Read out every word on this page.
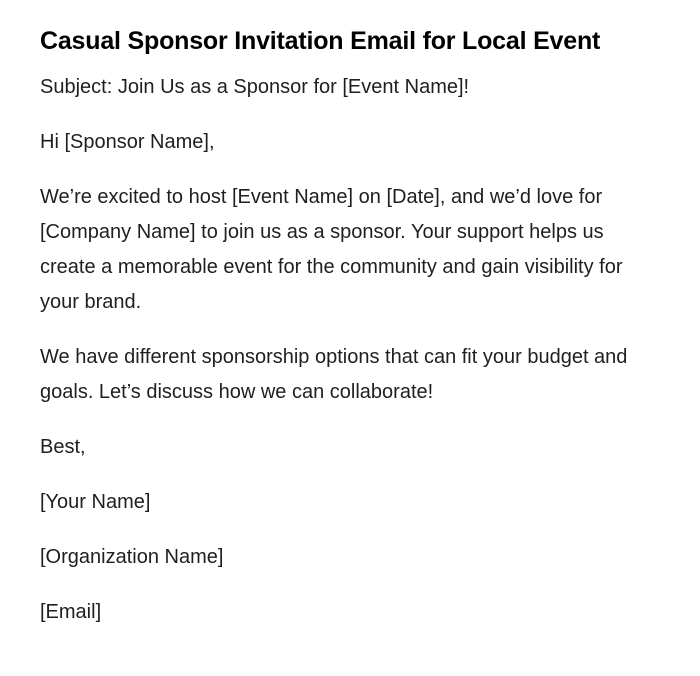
Casual Sponsor Invitation Email for Local Event

Subject: Join Us as a Sponsor for [Event Name]!

Hi [Sponsor Name],

We’re excited to host [Event Name] on [Date], and we’d love for [Company Name] to join us as a sponsor. Your support helps us create a memorable event for the community and gain visibility for your brand.

We have different sponsorship options that can fit your budget and goals. Let’s discuss how we can collaborate!

Best,

[Your Name]

[Organization Name]

[Email]
